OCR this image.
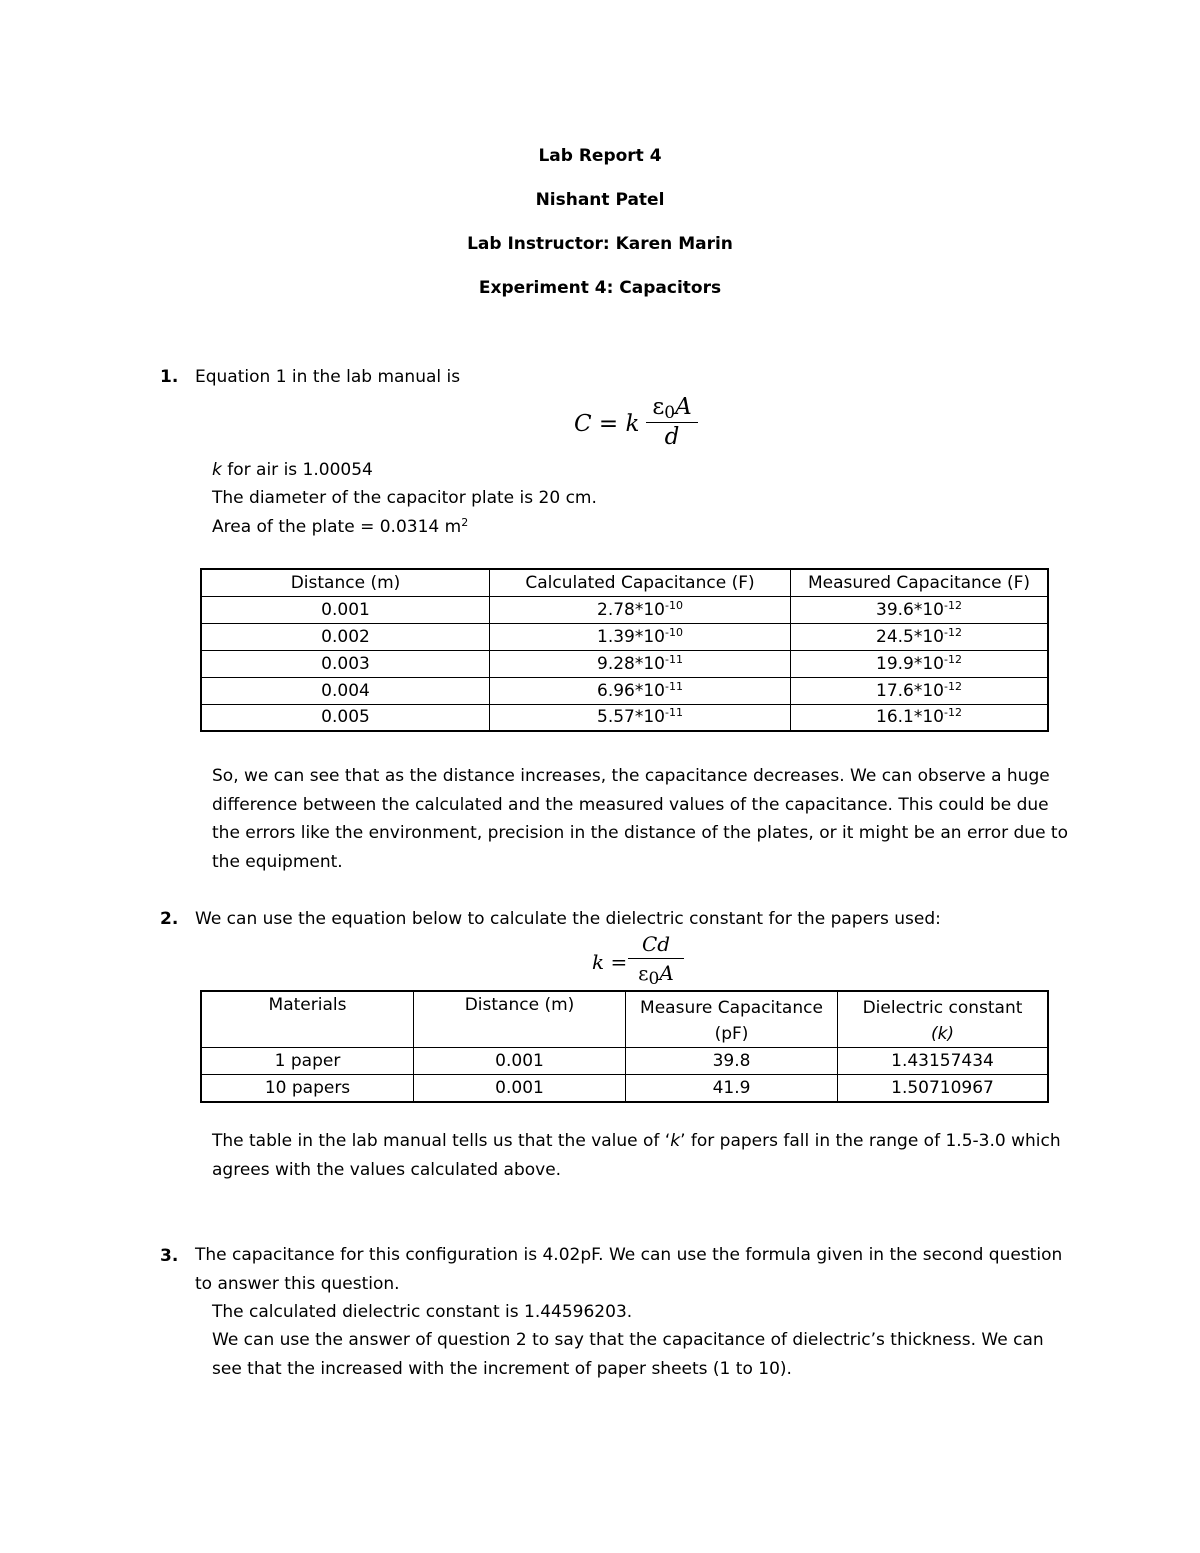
Lab Report 4
Nishant Patel
Lab Instructor: Karen Marin
Experiment 4: Capacitors
1. Equation 1 in the lab manual is
C = k $\frac{\varepsilon 0A}{d}$
k for air is 1.00054
The diameter of the capacitor plate is 20 cm.
Area of the plate = 0.0314 $m^2$
Distance (m)	Calculated Capacitance (F)	Measured Capacitance (F)
0.001	$2.78*10^{-10}$	$39.6*10^{-12}$
0.002	$1.39*10^{-10}$	$24.5*10^{-12}$
0.003	$9.28*10^{-11}$	$19.9*10^{-12}$
0.004	$6.96*10^{-11}$	$17.6*10^{-12}$
0.005	$5.57*10^{-11}$	$16.1*10^{-12}$
So, we can see that as the distance increases, the capacitance decreases. We can observe a huge difference between the calculated and the measured values of the capacitance. This could be due the errors like the environment, precision in the distance of the plates, or it might be an error due to the equipment.
2. We can use the equation below to calculate the dielectric constant for the papers used:
$k = \frac{Cd}{\varepsilon_0A}$
Materials	Distance (m)	Measure Capacitance (pF)	Dielectric constant
(k)
1 paper	0.001	39.8	1.43157434
10 papers	0.001	41.9	1.50710967
The table in the lab manual tells us that the value of ‘k’ for papers fall in the range of 1.5-3.0 which agrees with the values calculated above.
3. The capacitance for this configuration is 4.02pF. We can use the formula given in the second question to answer this question.
The calculated dielectric constant is 1.44596203.
We can use the answer of question 2 to say that the capacitance of dielectric’s thickness. We can see that the increased with the increment of paper sheets (1 to 10).
